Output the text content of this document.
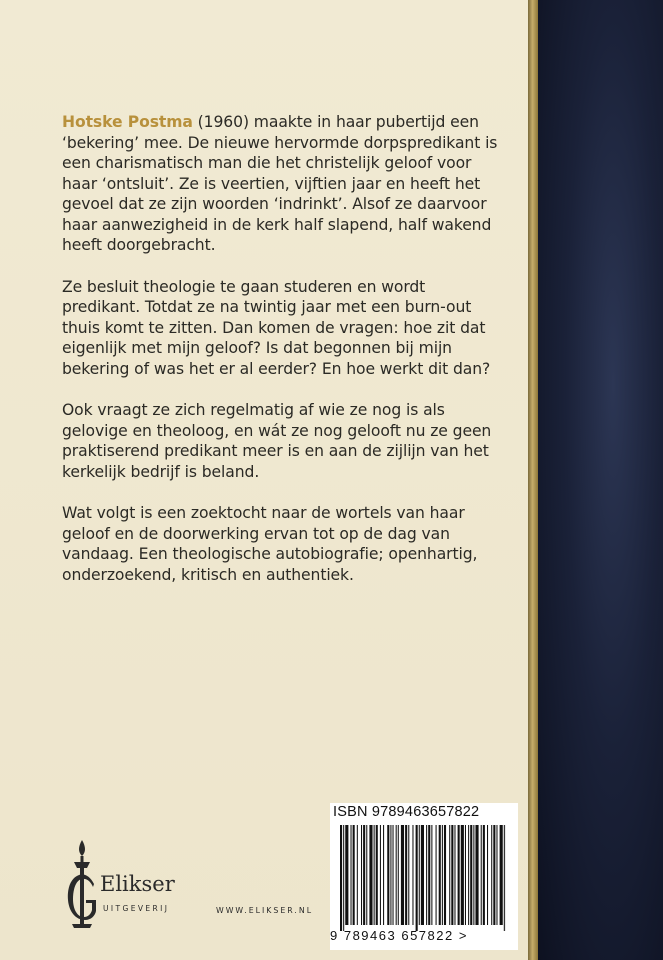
Hotske Postma (1960) maakte in haar pubertijd een ‘bekering’ mee. De nieuwe hervormde dorpspredikant is een charismatisch man die het christelijk geloof voor haar ‘ontsluit’. Ze is veertien, vijftien jaar en heeft het gevoel dat ze zijn woorden ‘indrinkt’. Alsof ze daarvoor haar aanwezigheid in de kerk half slapend, half wakend heeft doorgebracht.

Ze besluit theologie te gaan studeren en wordt predikant. Totdat ze na twintig jaar met een burn-out thuis komt te zitten. Dan komen de vragen: hoe zit dat eigenlijk met mijn geloof? Is dat begonnen bij mijn bekering of was het er al eerder? En hoe werkt dit dan?

Ook vraagt ze zich regelmatig af wie ze nog is als gelovige en theoloog, en wát ze nog gelooft nu ze geen praktiserend predikant meer is en aan de zijlijn van het kerkelijk bedrijf is beland.

Wat volgt is een zoektocht naar de wortels van haar geloof en de doorwerking ervan tot op de dag van vandaag. Een theologische autobiografie; openhartig, onderzoekend, kritisch en authentiek.

Elikser
UITGEVERIJ	WWW.ELIKSER.NL
ISBN 9789463657822
9 789463 657822 >
